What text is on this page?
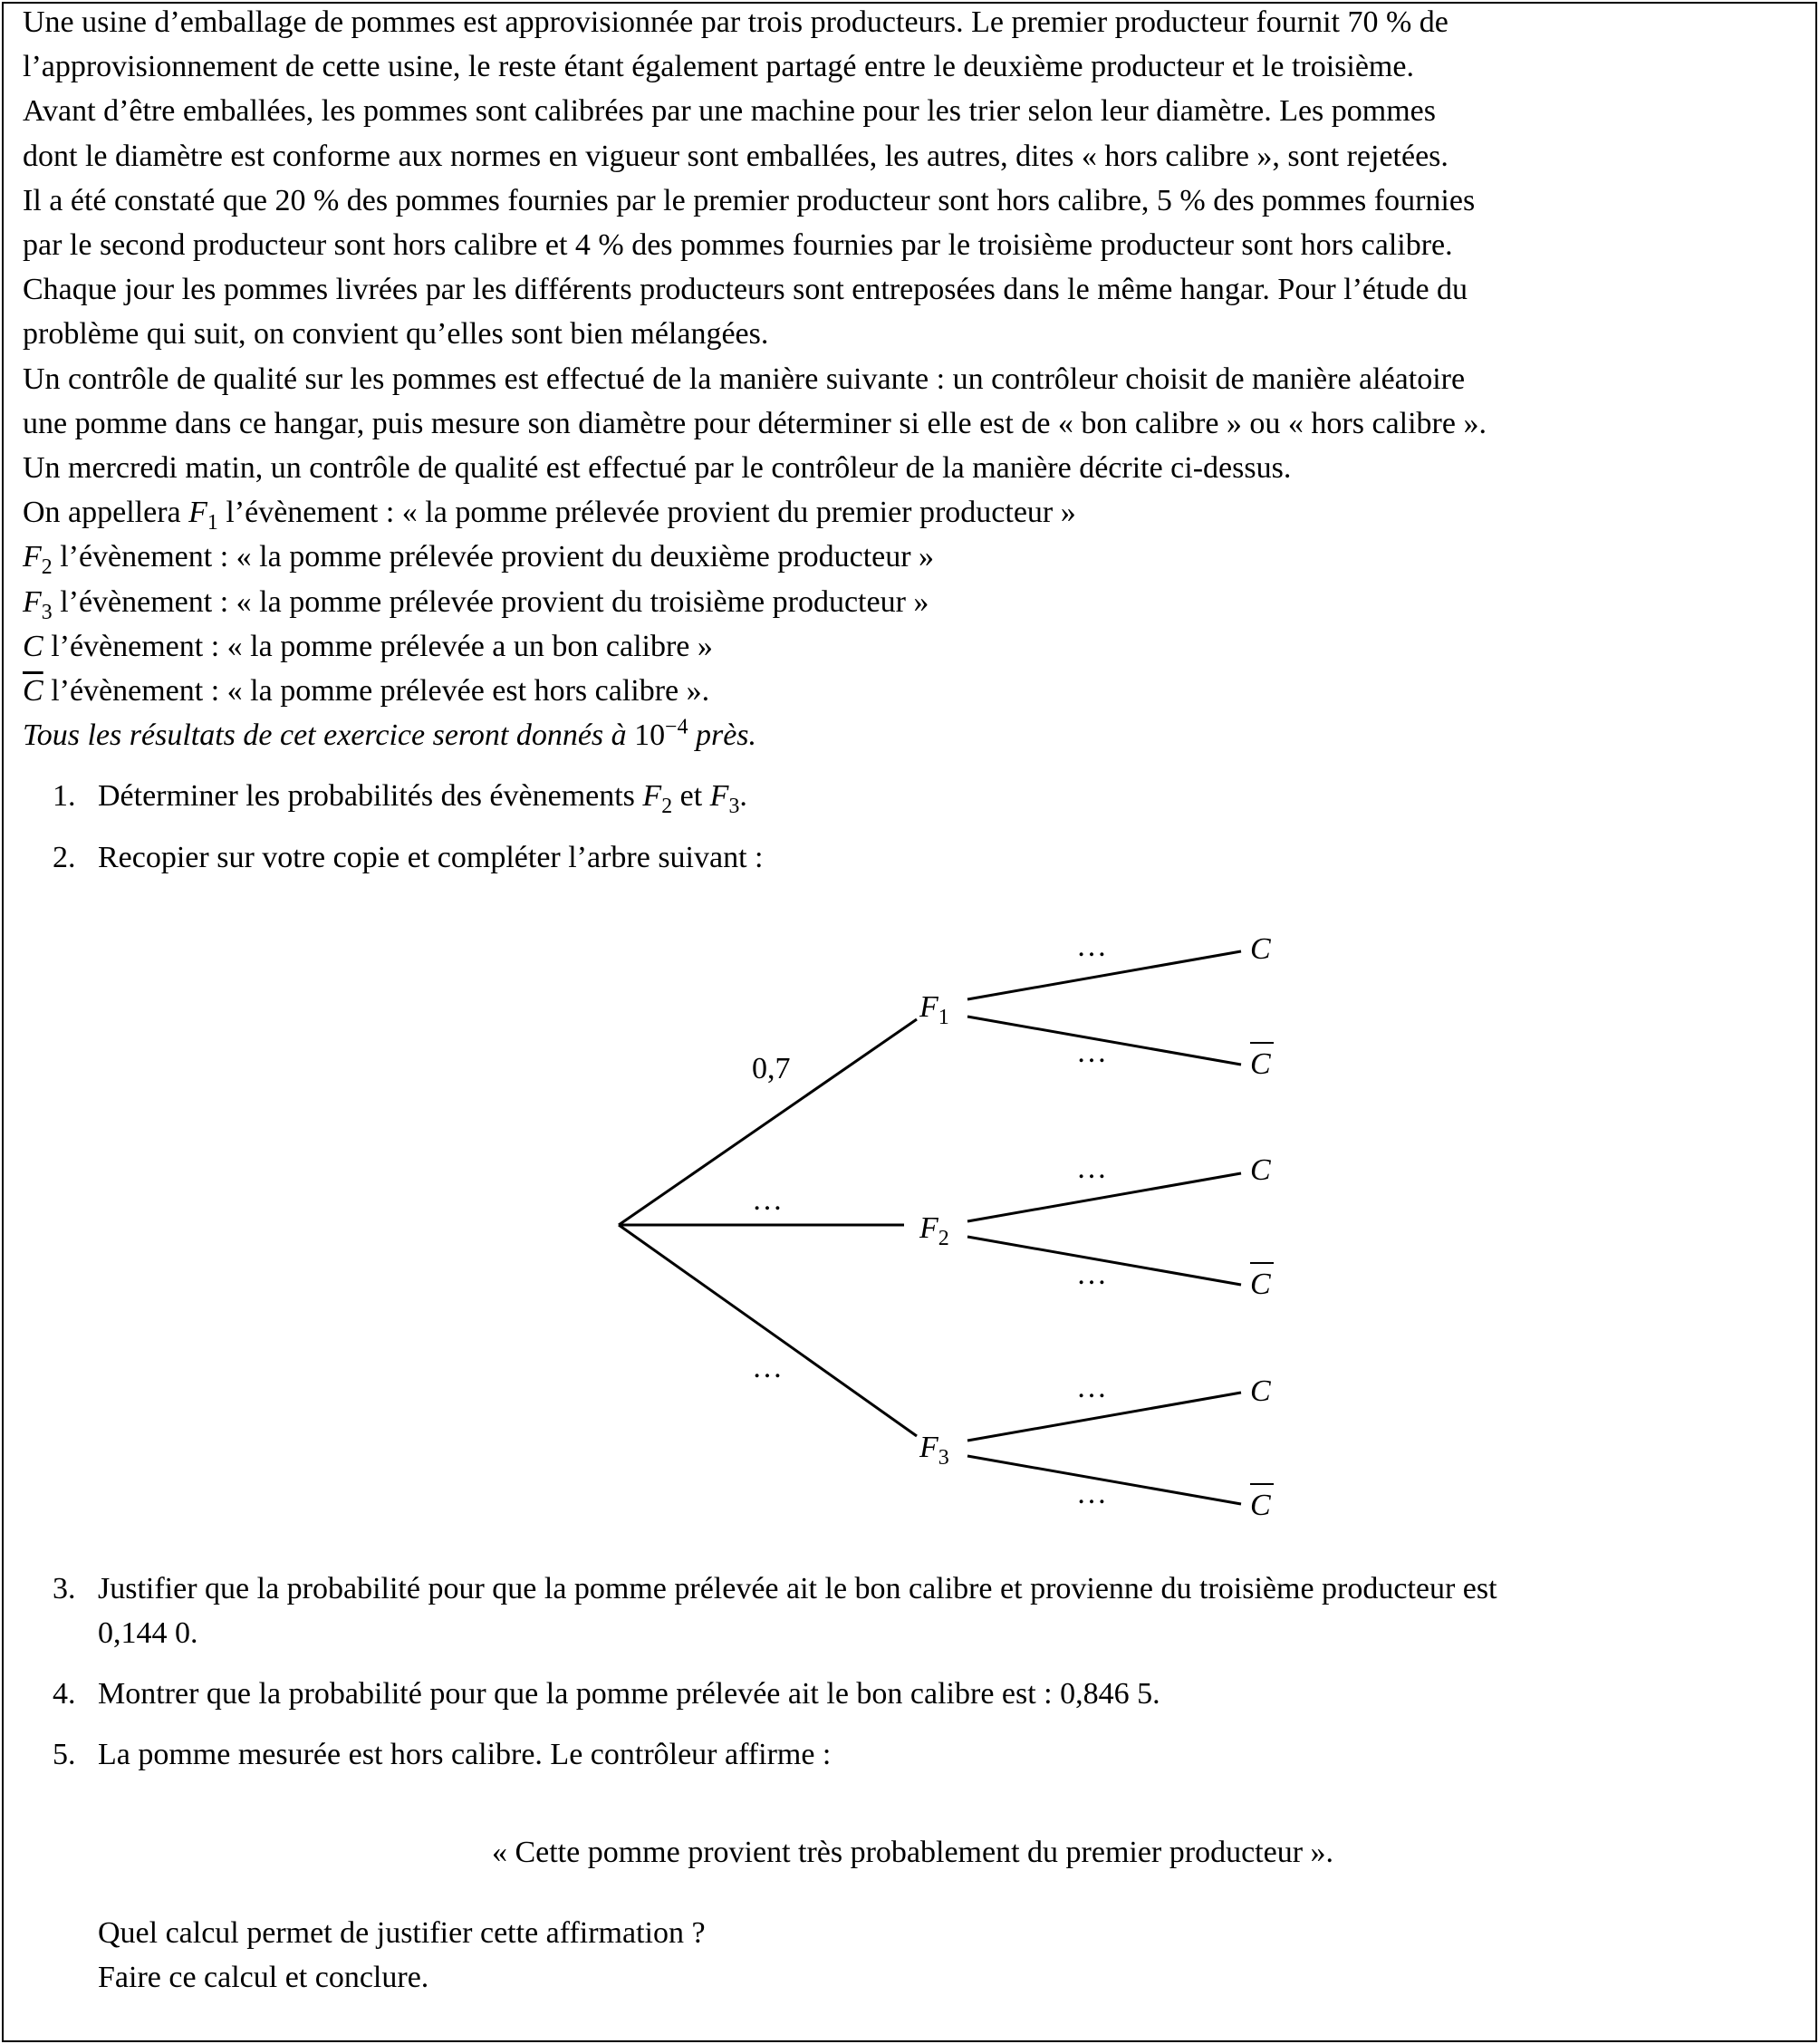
Une usine d’emballage de pommes est approvisionnée par trois producteurs. Le premier producteur fournit 70 % de
l’approvisionnement de cette usine, le reste étant également partagé entre le deuxième producteur et le troisième.
Avant d’être emballées, les pommes sont calibrées par une machine pour les trier selon leur diamètre. Les pommes
dont le diamètre est conforme aux normes en vigueur sont emballées, les autres, dites « hors calibre », sont rejetées.
Il a été constaté que 20 % des pommes fournies par le premier producteur sont hors calibre, 5 % des pommes fournies
par le second producteur sont hors calibre et 4 % des pommes fournies par le troisième producteur sont hors calibre.
Chaque jour les pommes livrées par les différents producteurs sont entreposées dans le même hangar. Pour l’étude du
problème qui suit, on convient qu’elles sont bien mélangées.
Un contrôle de qualité sur les pommes est effectué de la manière suivante : un contrôleur choisit de manière aléatoire
une pomme dans ce hangar, puis mesure son diamètre pour déterminer si elle est de « bon calibre » ou « hors calibre ».
Un mercredi matin, un contrôle de qualité est effectué par le contrôleur de la manière décrite ci-dessus.
On appellera $F_1$ l’évènement : « la pomme prélevée provient du premier producteur »
$F_2$ l’évènement : « la pomme prélevée provient du deuxième producteur »
$F_3$ l’évènement : « la pomme prélevée provient du troisième producteur »
C l’évènement : « la pomme prélevée a un bon calibre »
$\overline{C}$ l’évènement : « la pomme prélevée est hors calibre ».
Tous les résultats de cet exercice seront donnés à $10^{-4}$ près.
1. Déterminer les probabilités des évènements $F_2$ et $F_3$.
2. Recopier sur votre copie et compléter l’arbre suivant :
3. Justifier que la probabilité pour que la pomme prélevée ait le bon calibre et provienne du troisième producteur est
0,144 0.
4. Montrer que la probabilité pour que la pomme prélevée ait le bon calibre est : 0,846 5.
5. La pomme mesurée est hors calibre. Le contrôleur affirme :
« Cette pomme provient très probablement du premier producteur ».
Quel calcul permet de justifier cette affirmation ?
Faire ce calcul et conclure.
0,7
…
…
$F_1$
$F_2$
$F_3$
…
…
…
…
…
…
C
C
C
C
C
C
